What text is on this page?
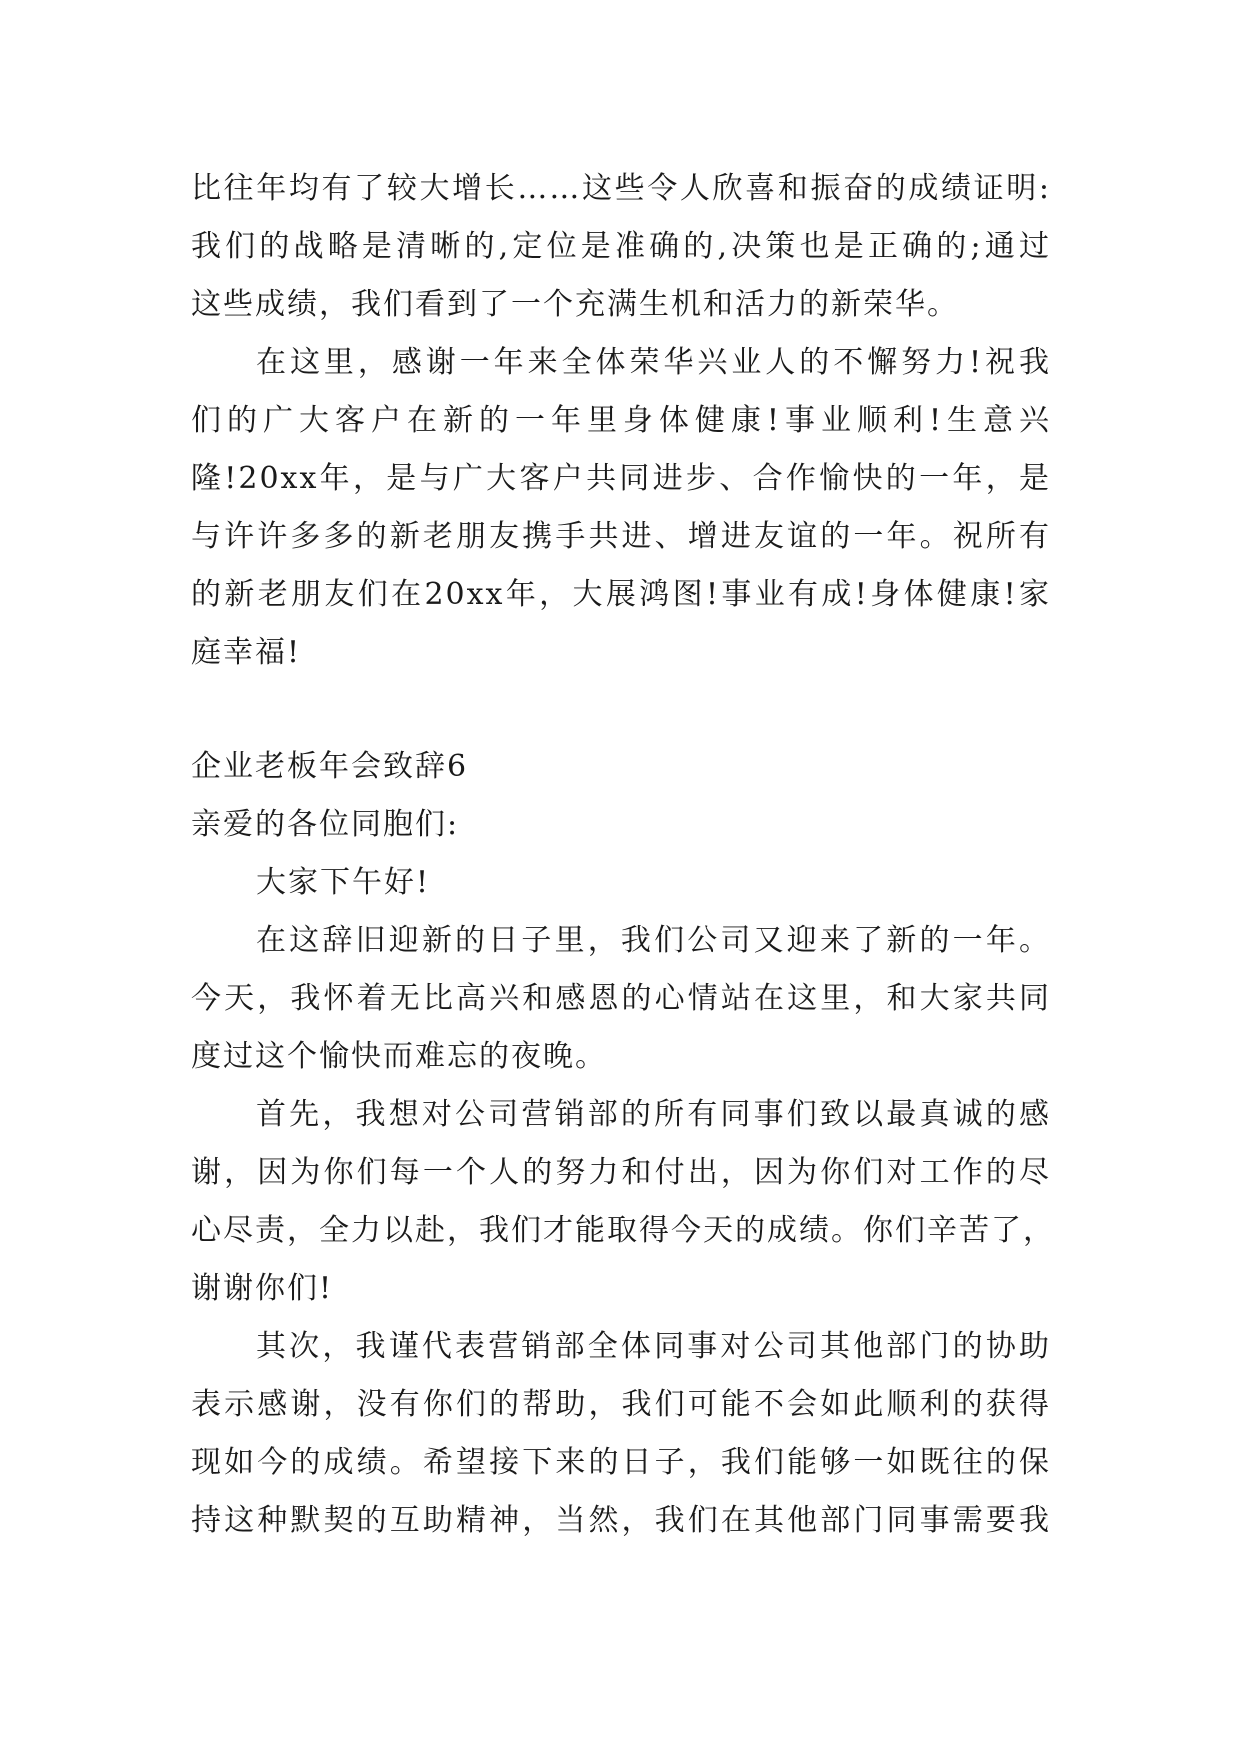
比往年均有了较大增长……这些令人欣喜和振奋的成绩证明:
我们的战略是清晰的,定位是准确的,决策也是正确的;通过
这些成绩，我们看到了一个充满生机和活力的新荣华。
在这里，感谢一年来全体荣华兴业人的不懈努力!祝我
们的广大客户在新的一年里身体健康!事业顺利!生意兴
隆!20xx年，是与广大客户共同进步、合作愉快的一年，是
与许许多多的新老朋友携手共进、增进友谊的一年。祝所有
的新老朋友们在20xx年，大展鸿图!事业有成!身体健康!家
庭幸福!
企业老板年会致辞6
亲爱的各位同胞们:
大家下午好!
在这辞旧迎新的日子里，我们公司又迎来了新的一年。
今天，我怀着无比高兴和感恩的心情站在这里，和大家共同
度过这个愉快而难忘的夜晚。
首先，我想对公司营销部的所有同事们致以最真诚的感
谢，因为你们每一个人的努力和付出，因为你们对工作的尽
心尽责，全力以赴，我们才能取得今天的成绩。你们辛苦了，
谢谢你们!
其次，我谨代表营销部全体同事对公司其他部门的协助
表示感谢，没有你们的帮助，我们可能不会如此顺利的获得
现如今的成绩。希望接下来的日子，我们能够一如既往的保
持这种默契的互助精神，当然，我们在其他部门同事需要我
